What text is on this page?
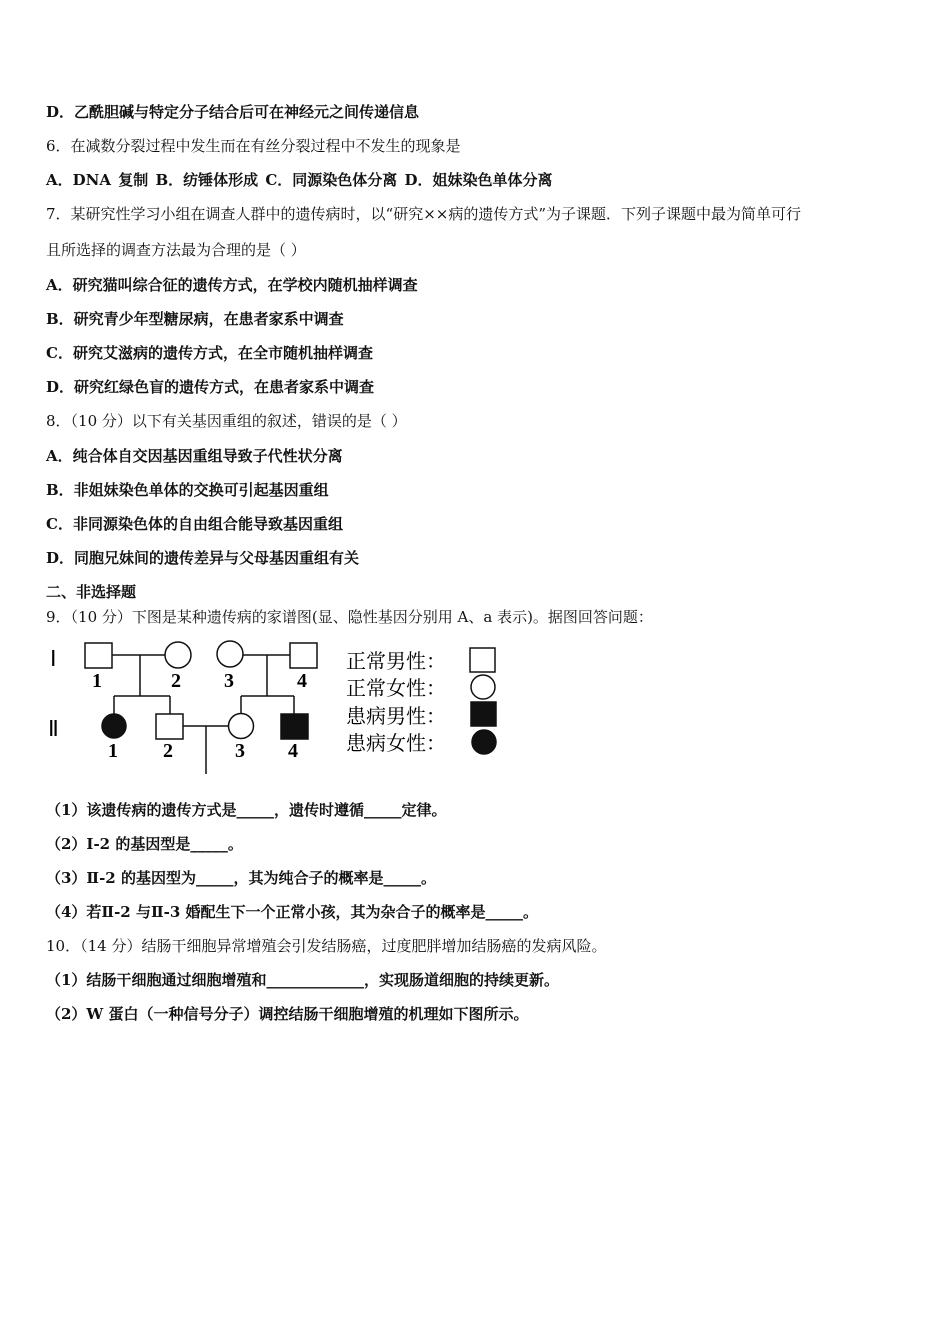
D．乙酰胆碱与特定分子结合后可在神经元之间传递信息
6．在减数分裂过程中发生而在有丝分裂过程中不发生的现象是
A．DNA 复制 B．纺锤体形成 C．同源染色体分离 D．姐妹染色单体分离
7．某研究性学习小组在调查人群中的遗传病时，以“研究××病的遗传方式”为子课题．下列子课题中最为简单可行
且所选择的调查方法最为合理的是（ ）
A．研究猫叫综合征的遗传方式，在学校内随机抽样调查
B．研究青少年型糖尿病，在患者家系中调查
C．研究艾滋病的遗传方式，在全市随机抽样调查
D．研究红绿色盲的遗传方式，在患者家系中调查
8．（10 分）以下有关基因重组的叙述，错误的是（ ）
A．纯合体自交因基因重组导致子代性状分离
B．非姐妹染色单体的交换可引起基因重组
C．非同源染色体的自由组合能导致基因重组
D．同胞兄妹间的遗传差异与父母基因重组有关
二、非选择题
9．（10 分）下图是某种遗传病的家谱图(显、隐性基因分别用 A、a 表示)。据图回答问题：
Ⅰ
Ⅱ
1	2 3	4
1 2	3 4
正常男性：
正常女性：
患病男性：
患病女性：
（1）该遗传病的遗传方式是_____，遗传时遵循_____定律。
（2）Ⅰ-2 的基因型是_____。
（3）Ⅱ-2 的基因型为_____，其为纯合子的概率是_____。
（4）若Ⅱ-2 与Ⅱ-3 婚配生下一个正常小孩，其为杂合子的概率是_____。
10．（14 分）结肠干细胞异常增殖会引发结肠癌，过度肥胖增加结肠癌的发病风险。
（1）结肠干细胞通过细胞增殖和_____________，实现肠道细胞的持续更新。
（2）W 蛋白（一种信号分子）调控结肠干细胞增殖的机理如下图所示。
